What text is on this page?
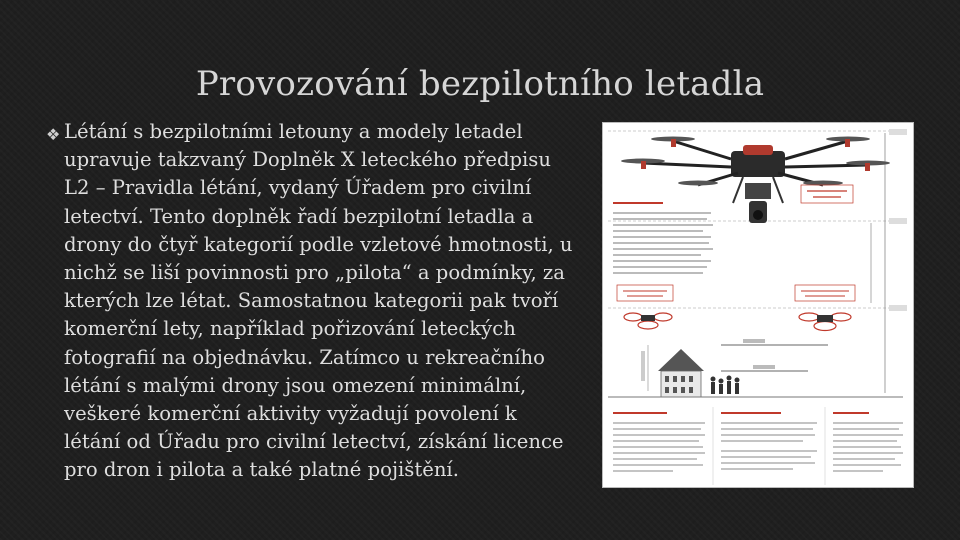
Provozování bezpilotního letadla
❖ Létání s bezpilotními letouny a modely letadel
upravuje takzvaný Doplněk X leteckého předpisu
L2 – Pravidla létání, vydaný Úřadem pro civilní
letectví. Tento doplněk řadí bezpilotní letadla a
drony do čtyř kategorií podle vzletové hmotnosti, u
nichž se liší povinnosti pro „pilota“ a podmínky, za
kterých lze létat. Samostatnou kategorii pak tvoří
komerční lety, například pořizování leteckých
fotografií na objednávku. Zatímco u rekreačního
létání s malými drony jsou omezení minimální,
veškeré komerční aktivity vyžadují povolení k
létání od Úřadu pro civilní letectví, získání licence
pro dron i pilota a také platné pojištění.
